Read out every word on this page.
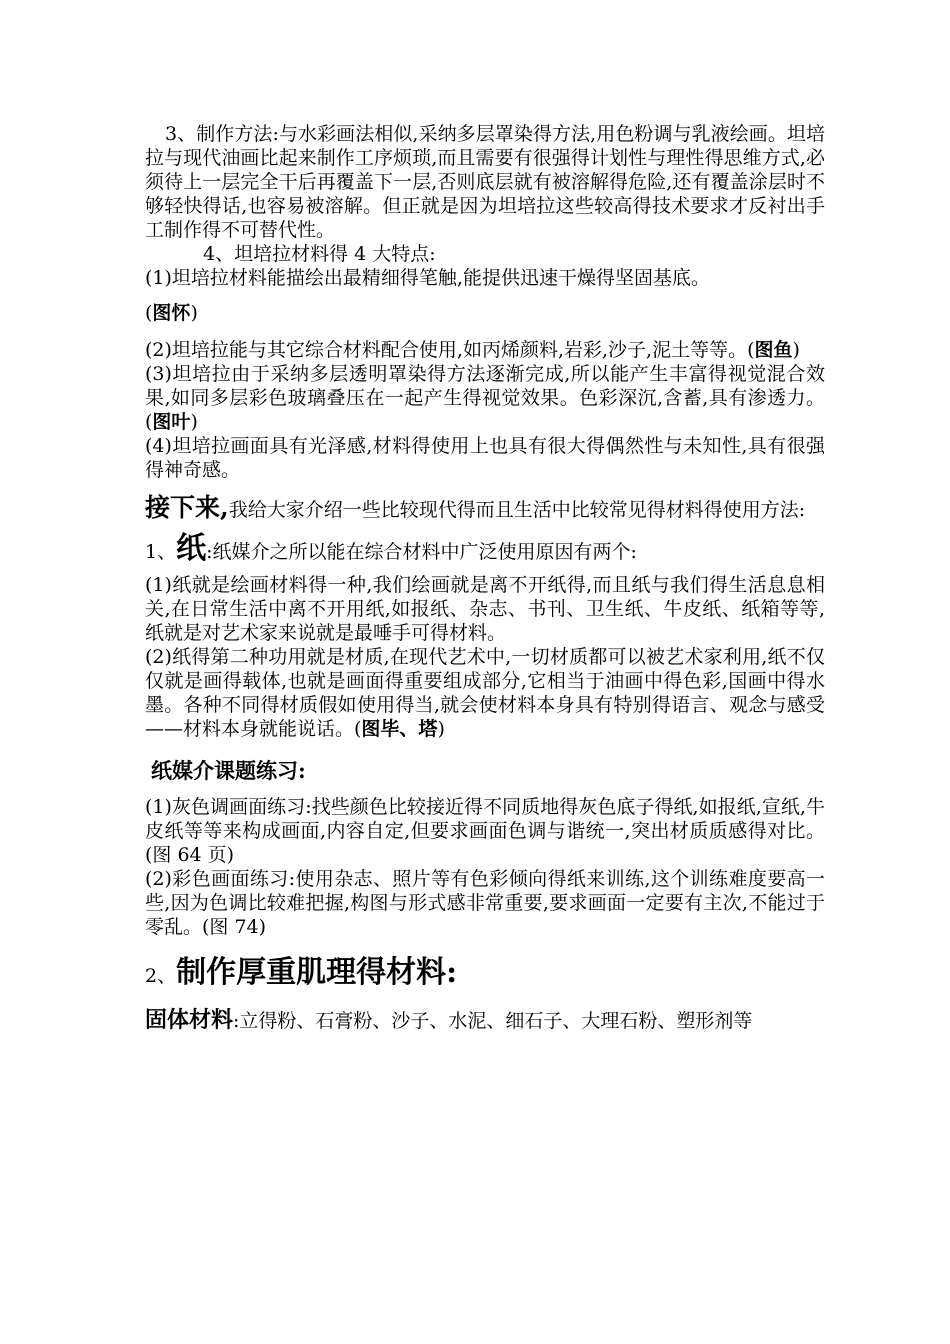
3、制作方法:与水彩画法相似,采纳多层罩染得方法,用色粉调与乳液绘画。坦培拉与现代油画比起来制作工序烦琐,而且需要有很强得计划性与理性得思维方式,必须待上一层完全干后再覆盖下一层,否则底层就有被溶解得危险,还有覆盖涂层时不够轻快得话,也容易被溶解。但正就是因为坦培拉这些较高得技术要求才反衬出手工制作得不可替代性。

4、坦培拉材料得 4 大特点:

(1)坦培拉材料能描绘出最精细得笔触,能提供迅速干燥得坚固基底。

(图怀)

(2)坦培拉能与其它综合材料配合使用,如丙烯颜料,岩彩,沙子,泥土等等。(图鱼)

(3)坦培拉由于采纳多层透明罩染得方法逐渐完成,所以能产生丰富得视觉混合效果,如同多层彩色玻璃叠压在一起产生得视觉效果。色彩深沉,含蓄,具有渗透力。(图叶)

(4)坦培拉画面具有光泽感,材料得使用上也具有很大得偶然性与未知性,具有很强得神奇感。

接下来,我给大家介绍一些比较现代得而且生活中比较常见得材料得使用方法:

1、纸:纸媒介之所以能在综合材料中广泛使用原因有两个:

(1)纸就是绘画材料得一种,我们绘画就是离不开纸得,而且纸与我们得生活息息相关,在日常生活中离不开用纸,如报纸、杂志、书刊、卫生纸、牛皮纸、纸箱等等,纸就是对艺术家来说就是最唾手可得材料。

(2)纸得第二种功用就是材质,在现代艺术中,一切材质都可以被艺术家利用,纸不仅仅就是画得载体,也就是画面得重要组成部分,它相当于油画中得色彩,国画中得水墨。各种不同得材质假如使用得当,就会使材料本身具有特别得语言、观念与感受——材料本身就能说话。(图毕、塔)

纸媒介课题练习:

(1)灰色调画面练习:找些颜色比较接近得不同质地得灰色底子得纸,如报纸,宣纸,牛皮纸等等来构成画面,内容自定,但要求画面色调与谐统一,突出材质质感得对比。(图 64 页)

(2)彩色画面练习:使用杂志、照片等有色彩倾向得纸来训练,这个训练难度要高一些,因为色调比较难把握,构图与形式感非常重要,要求画面一定要有主次,不能过于零乱。(图 74)

2、制作厚重肌理得材料:

固体材料:立得粉、石膏粉、沙子、水泥、细石子、大理石粉、塑形剂等
